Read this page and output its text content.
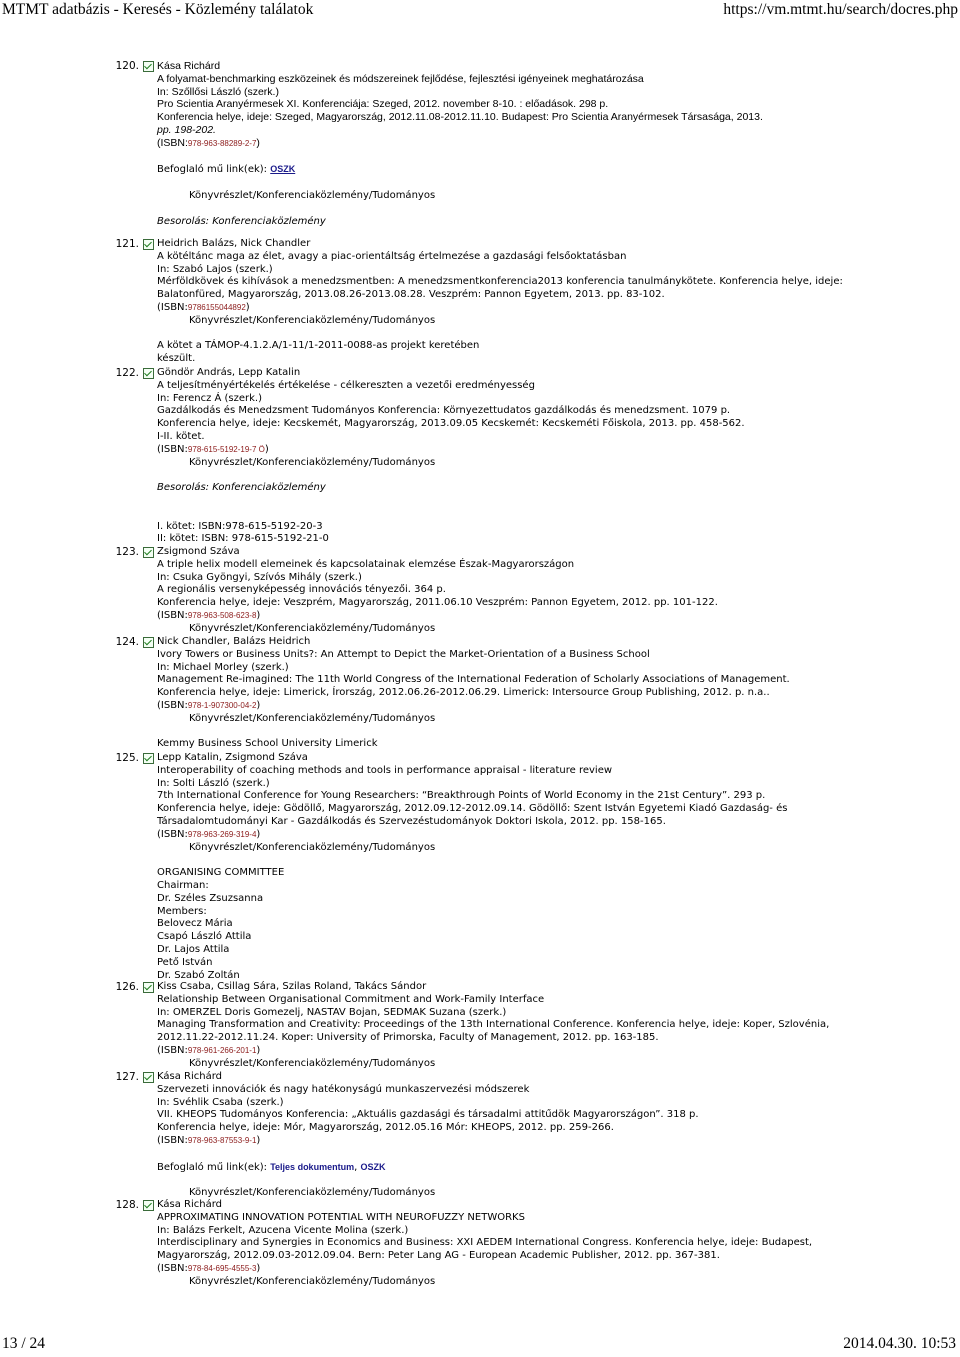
MTMT adatbázis - Keresés - Közlemény találatok	https://vm.mtmt.hu/search/docres.php
120. Kása Richárd
A folyamat-benchmarking eszközeinek és módszereinek fejlődése, fejlesztési igényeinek meghatározása
In: Szőllősi László (szerk.)
Pro Scientia Aranyérmesek XI. Konferenciája: Szeged, 2012. november 8-10. : előadások. 298 p.
Konferencia helye, ideje: Szeged, Magyarország, 2012.11.08-2012.11.10. Budapest: Pro Scientia Aranyérmesek Társasága, 2013.
pp. 198-202.
(ISBN:978-963-88289-2-7)
Befoglaló mű link(ek): OSZK
Könyvrészlet/Konferenciaközlemény/Tudományos
Besorolás: Konferenciaközlemény
121. Heidrich Balázs, Nick Chandler
A kötéltánc maga az élet, avagy a piac-orientáltság értelmezése a gazdasági felsőoktatásban
In: Szabó Lajos (szerk.)
Mérföldkövek és kihívások a menedzsmentben: A menedzsmentkonferencia2013 konferencia tanulmánykötete. Konferencia helye, ideje: Balatonfüred, Magyarország, 2013.08.26-2013.08.28. Veszprém: Pannon Egyetem, 2013. pp. 83-102.
(ISBN:9786155044892)
Könyvrészlet/Konferenciaközlemény/Tudományos
A kötet a TÁMOP-4.1.2.A/1-11/1-2011-0088-as projekt keretében
készült.
122. Göndör András, Lepp Katalin
A teljesítményértékelés értékelése - célkereszten a vezetői eredményesség
In: Ferencz Á (szerk.)
Gazdálkodás és Menedzsment Tudományos Konferencia: Környezettudatos gazdálkodás és menedzsment. 1079 p.
Konferencia helye, ideje: Kecskemét, Magyarország, 2013.09.05 Kecskemét: Kecskeméti Főiskola, 2013. pp. 458-562.
I-II. kötet.
(ISBN:978-615-5192-19-7 Ö)
Könyvrészlet/Konferenciaközlemény/Tudományos
Besorolás: Konferenciaközlemény
I. kötet: ISBN:978-615-5192-20-3
II: kötet: ISBN: 978-615-5192-21-0
123. Zsigmond Száva
A triple helix modell elemeinek és kapcsolatainak elemzése Észak-Magyarországon
In: Csuka Gyöngyi, Szívós Mihály (szerk.)
A regionális versenyképesség innovációs tényezői. 364 p.
Konferencia helye, ideje: Veszprém, Magyarország, 2011.06.10 Veszprém: Pannon Egyetem, 2012. pp. 101-122.
(ISBN:978-963-508-623-8)
Könyvrészlet/Konferenciaközlemény/Tudományos
124. Nick Chandler, Balázs Heidrich
Ivory Towers or Business Units?: An Attempt to Depict the Market-Orientation of a Business School
In: Michael Morley (szerk.)
Management Re-imagined: The 11th World Congress of the International Federation of Scholarly Associations of Management.
Konferencia helye, ideje: Limerick, Írország, 2012.06.26-2012.06.29. Limerick: Intersource Group Publishing, 2012. p. n.a..
(ISBN:978-1-907300-04-2)
Könyvrészlet/Konferenciaközlemény/Tudományos
Kemmy Business School University Limerick
125. Lepp Katalin, Zsigmond Száva
Interoperability of coaching methods and tools in performance appraisal - literature review
In: Solti László (szerk.)
7th International Conference for Young Researchers: “Breakthrough Points of World Economy in the 21st Century”. 293 p.
Konferencia helye, ideje: Gödöllő, Magyarország, 2012.09.12-2012.09.14. Gödöllő: Szent István Egyetemi Kiadó Gazdaság- és Társadalomtudományi Kar - Gazdálkodás és Szervezéstudományok Doktori Iskola, 2012. pp. 158-165.
(ISBN:978-963-269-319-4)
Könyvrészlet/Konferenciaközlemény/Tudományos
ORGANISING COMMITTEE
Chairman:
Dr. Széles Zsuzsanna
Members:
Belovecz Mária
Csapó László Attila
Dr. Lajos Attila
Pető István
Dr. Szabó Zoltán
126. Kiss Csaba, Csillag Sára, Szilas Roland, Takács Sándor
Relationship Between Organisational Commitment and Work-Family Interface
In: OMERZEL Doris Gomezelj, NASTAV Bojan, SEDMAK Suzana (szerk.)
Managing Transformation and Creativity: Proceedings of the 13th International Conference. Konferencia helye, ideje: Koper, Szlovénia, 2012.11.22-2012.11.24. Koper: University of Primorska, Faculty of Management, 2012. pp. 163-185.
(ISBN:978-961-266-201-1)
Könyvrészlet/Konferenciaközlemény/Tudományos
127. Kása Richárd
Szervezeti innovációk és nagy hatékonyságú munkaszervezési módszerek
In: Svéhlik Csaba (szerk.)
VII. KHEOPS Tudományos Konferencia: „Aktuális gazdasági és társadalmi attitűdök Magyarországon”. 318 p.
Konferencia helye, ideje: Mór, Magyarország, 2012.05.16 Mór: KHEOPS, 2012. pp. 259-266.
(ISBN:978-963-87553-9-1)
Befoglaló mű link(ek): Teljes dokumentum, OSZK
Könyvrészlet/Konferenciaközlemény/Tudományos
128. Kása Richárd
APPROXIMATING INNOVATION POTENTIAL WITH NEUROFUZZY NETWORKS
In: Balázs Ferkelt, Azucena Vicente Molina (szerk.)
Interdisciplinary and Synergies in Economics and Business: XXI AEDEM International Congress. Konferencia helye, ideje: Budapest, Magyarország, 2012.09.03-2012.09.04. Bern: Peter Lang AG - European Academic Publisher, 2012. pp. 367-381.
(ISBN:978-84-695-4555-3)
Könyvrészlet/Konferenciaközlemény/Tudományos
13 / 24	2014.04.30. 10:53
